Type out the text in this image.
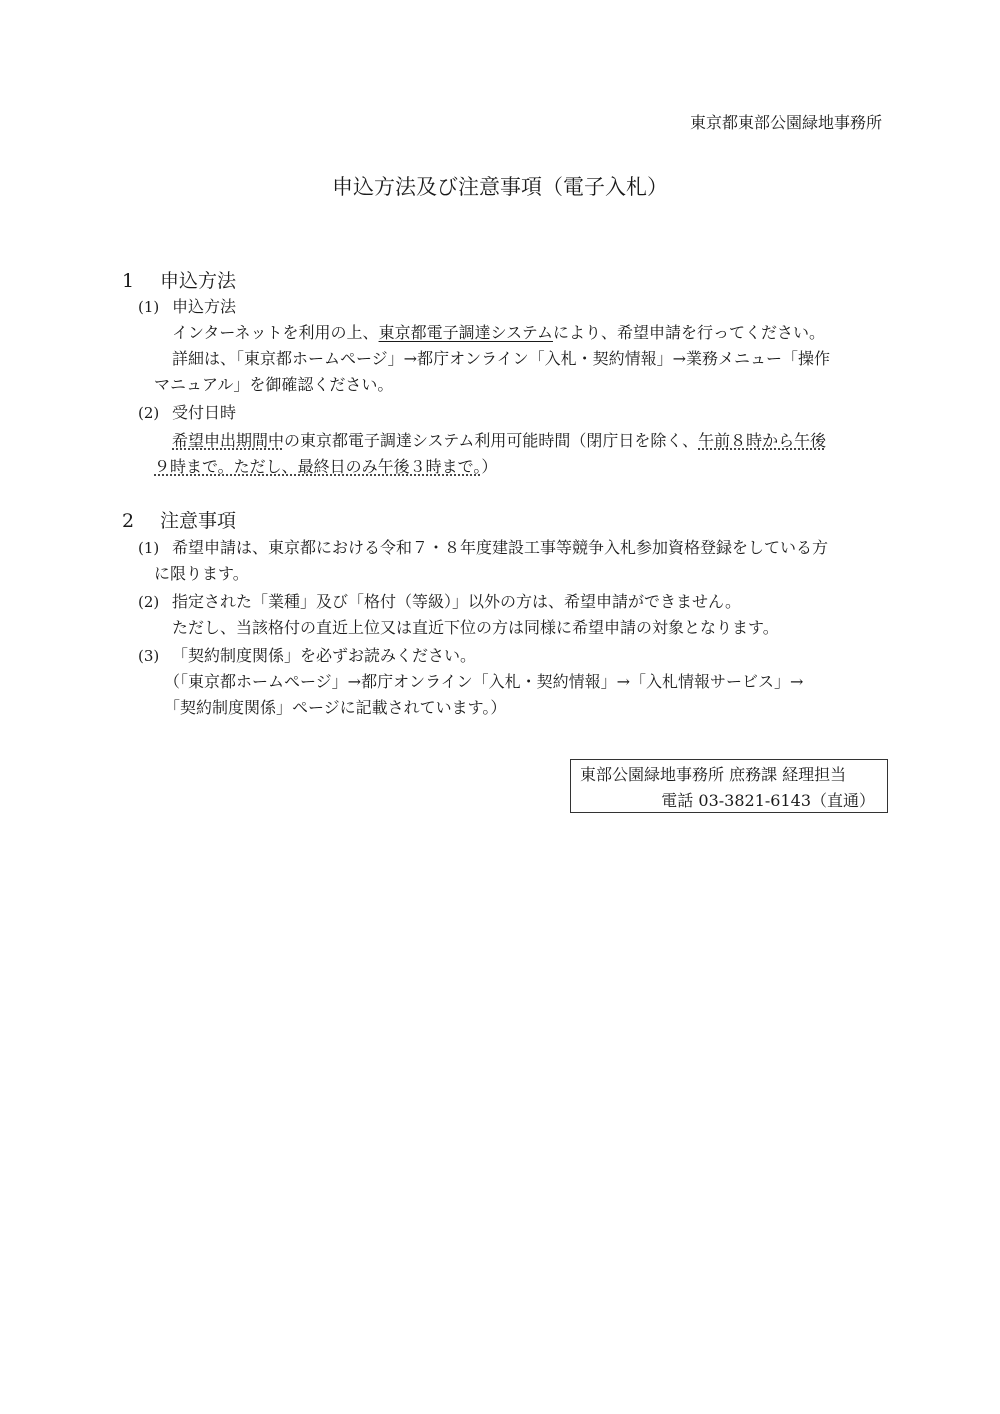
東京都東部公園緑地事務所
申込方法及び注意事項（電子入札）
1 申込方法
(1) 申込方法
インターネットを利用の上、東京都電子調達システムにより、希望申請を行ってください。
詳細は、「東京都ホームページ」→都庁オンライン「入札・契約情報」→業務メニュー「操作
マニュアル」を御確認ください。
(2) 受付日時
希望申出期間中の東京都電子調達システム利用可能時間（閉庁日を除く、午前８時から午後
９時まで。ただし、最終日のみ午後３時まで。）
2 注意事項
(1) 希望申請は、東京都における令和７・８年度建設工事等競争入札参加資格登録をしている方
に限ります。
(2) 指定された「業種」及び「格付（等級）」以外の方は、希望申請ができません。
ただし、当該格付の直近上位又は直近下位の方は同様に希望申請の対象となります。
(3) 「契約制度関係」を必ずお読みください。
（「東京都ホームページ」→都庁オンライン「入札・契約情報」→「入札情報サービス」→
「契約制度関係」ページに記載されています。）
東部公園緑地事務所 庶務課 経理担当
電話 03-3821-6143（直通）
